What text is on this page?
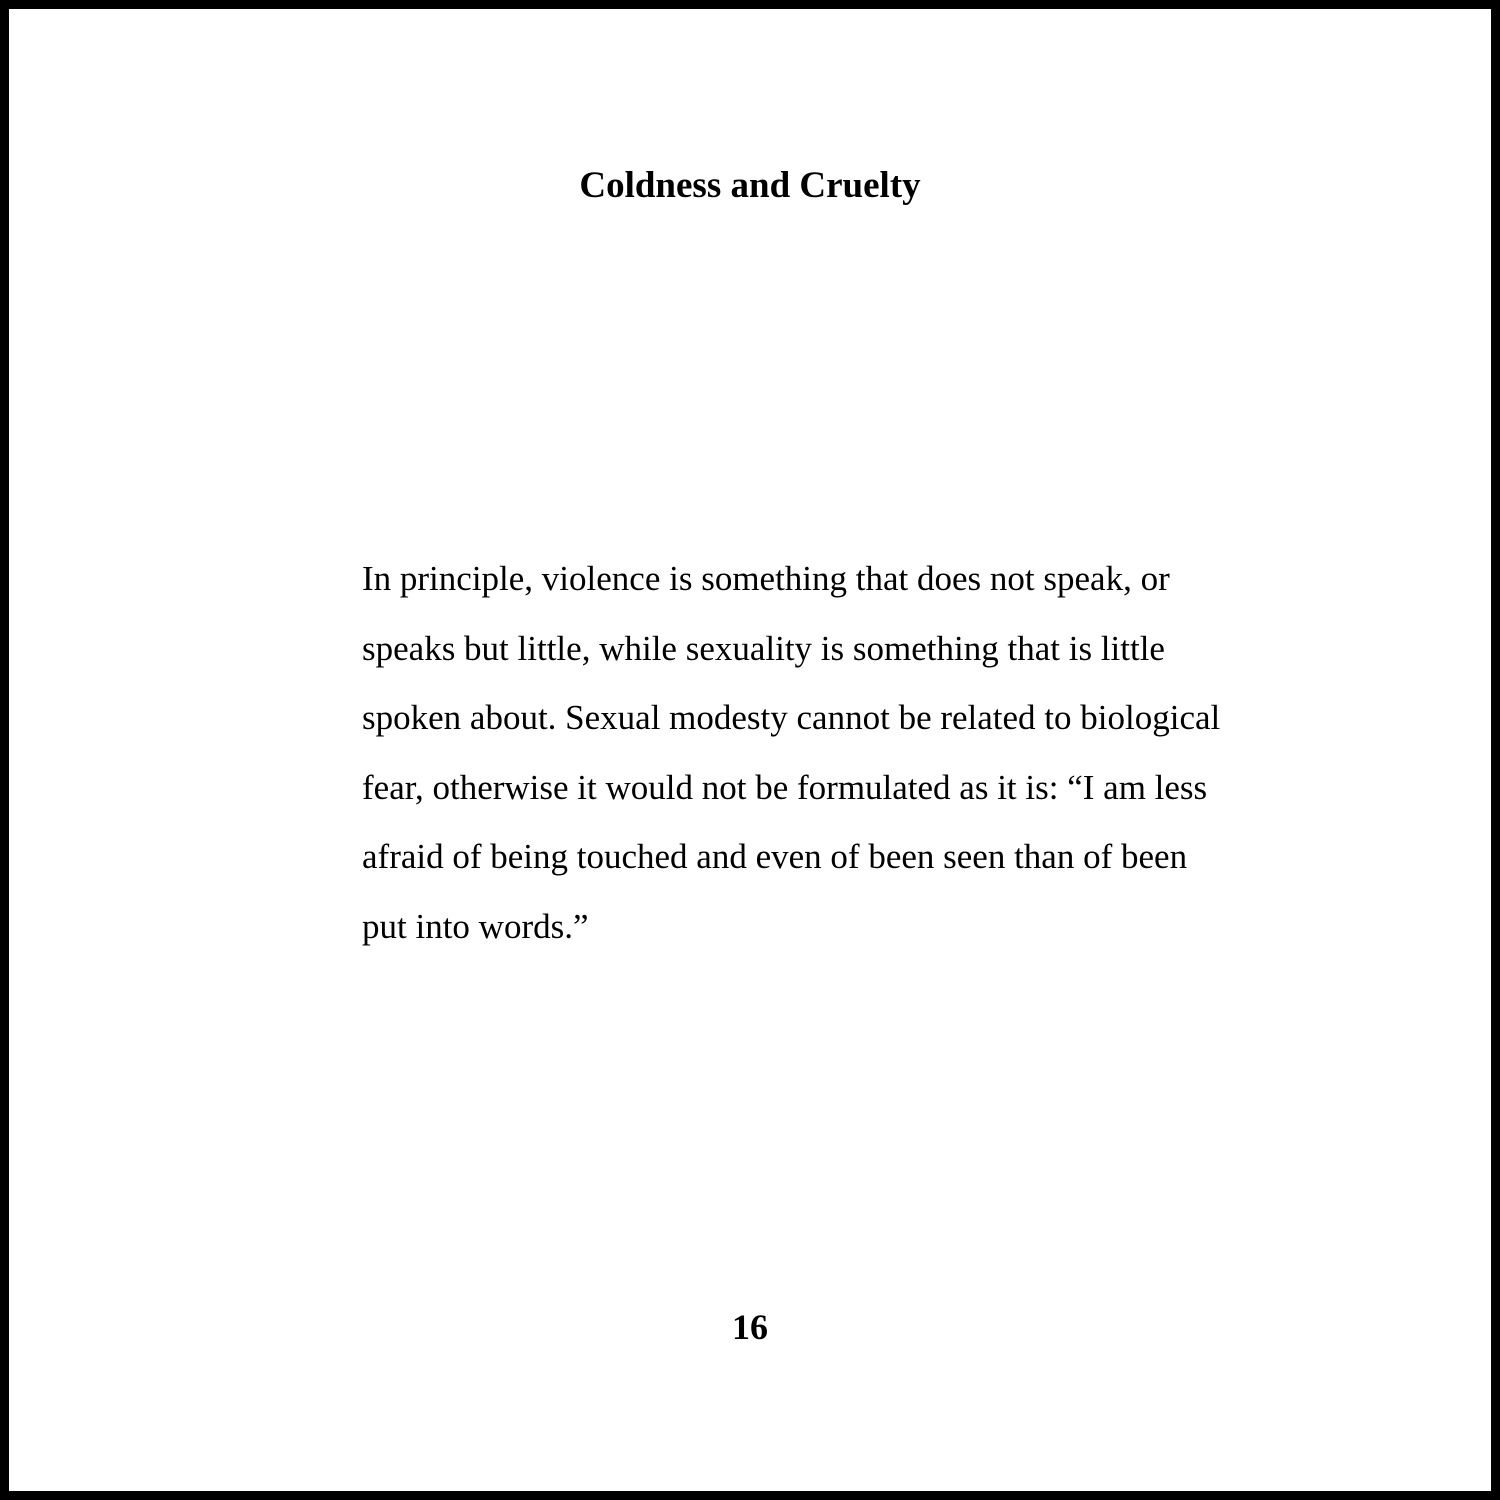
Coldness and Cruelty
In principle, violence is something that does not speak, or
speaks but little, while sexuality is something that is little
spoken about. Sexual modesty cannot be related to biological
fear, otherwise it would not be formulated as it is: “I am less
afraid of being touched and even of been seen than of been
put into words.”
16
